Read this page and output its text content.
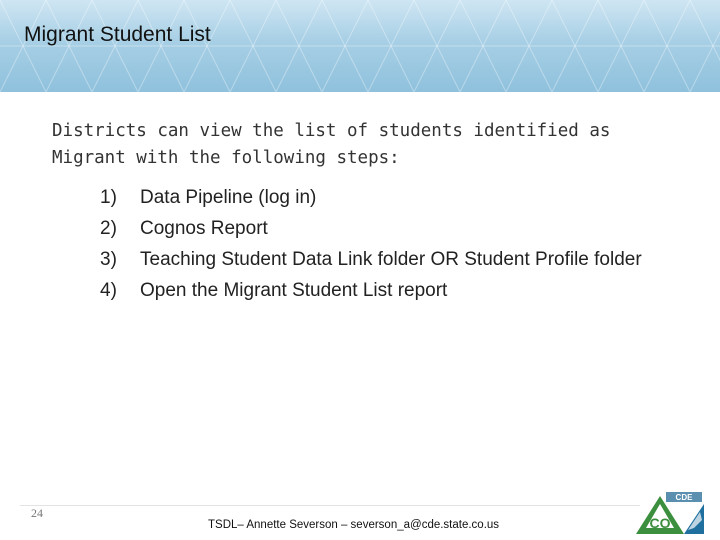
Migrant Student List
Districts can view the list of students identified as Migrant with the following steps:
1)	Data Pipeline (log in)
2)	Cognos Report
3)	Teaching Student Data Link folder OR Student Profile folder
4)	Open the Migrant Student List report
24
TSDL– Annette Severson – severson_a@cde.state.co.us
CDE
CO
